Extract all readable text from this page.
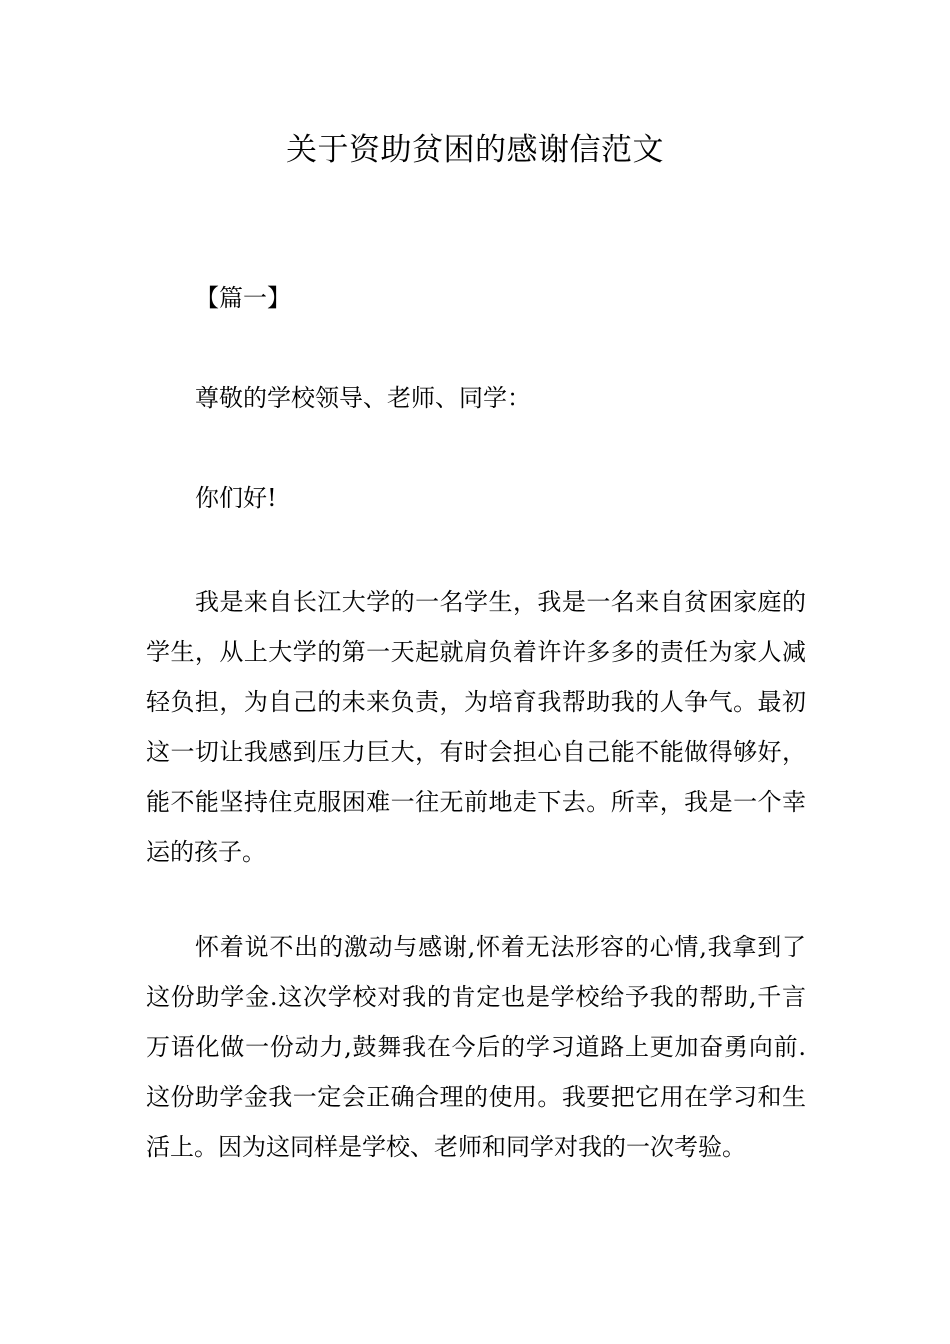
关于资助贫困的感谢信范文

【篇一】

尊敬的学校领导、老师、同学：

你们好!

我是来自长江大学的一名学生，我是一名来自贫困家庭的学生，从上大学的第一天起就肩负着许许多多的责任为家人减轻负担，为自己的未来负责，为培育我帮助我的人争气。最初这一切让我感到压力巨大，有时会担心自己能不能做得够好，能不能坚持住克服困难一往无前地走下去。所幸，我是一个幸运的孩子。

怀着说不出的激动与感谢,怀着无法形容的心情,我拿到了这份助学金.这次学校对我的肯定也是学校给予我的帮助,千言万语化做一份动力,鼓舞我在今后的学习道路上更加奋勇向前.这份助学金我一定会正确合理的使用。我要把它用在学习和生活上。因为这同样是学校、老师和同学对我的一次考验。
